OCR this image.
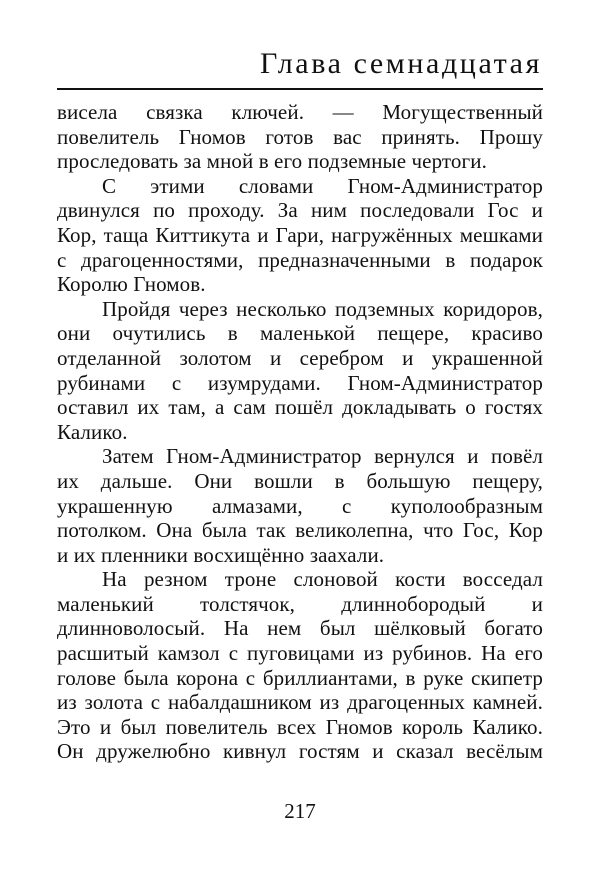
Глава семнадцатая
висела связка ключей. — Могущественный
повелитель Гномов готов вас принять. Прошу
проследовать за мной в его подземные чертоги.
С этими словами Гном-Администратор
двинулся по проходу. За ним последовали Гос и
Кор, таща Киттикута и Гари, нагружённых мешками
с драгоценностями, предназначенными в подарок
Королю Гномов.
Пройдя через несколько подземных коридоров,
они очутились в маленькой пещере, красиво
отделанной золотом и серебром и украшенной
рубинами с изумрудами. Гном-Администратор
оставил их там, а сам пошёл докладывать о гостях
Калико.
Затем Гном-Администратор вернулся и повёл
их дальше. Они вошли в большую пещеру,
украшенную алмазами, с куполообразным
потолком. Она была так великолепна, что Гос, Кор
и их пленники восхищённо заахали.
На резном троне слоновой кости восседал
маленький толстячок, длиннобородый и
длинноволосый. На нем был шёлковый богато
расшитый камзол с пуговицами из рубинов. На его
голове была корона с бриллиантами, в руке скипетр
из золота с набалдашником из драгоценных камней.
Это и был повелитель всех Гномов король Калико.
Он дружелюбно кивнул гостям и сказал весёлым
217
